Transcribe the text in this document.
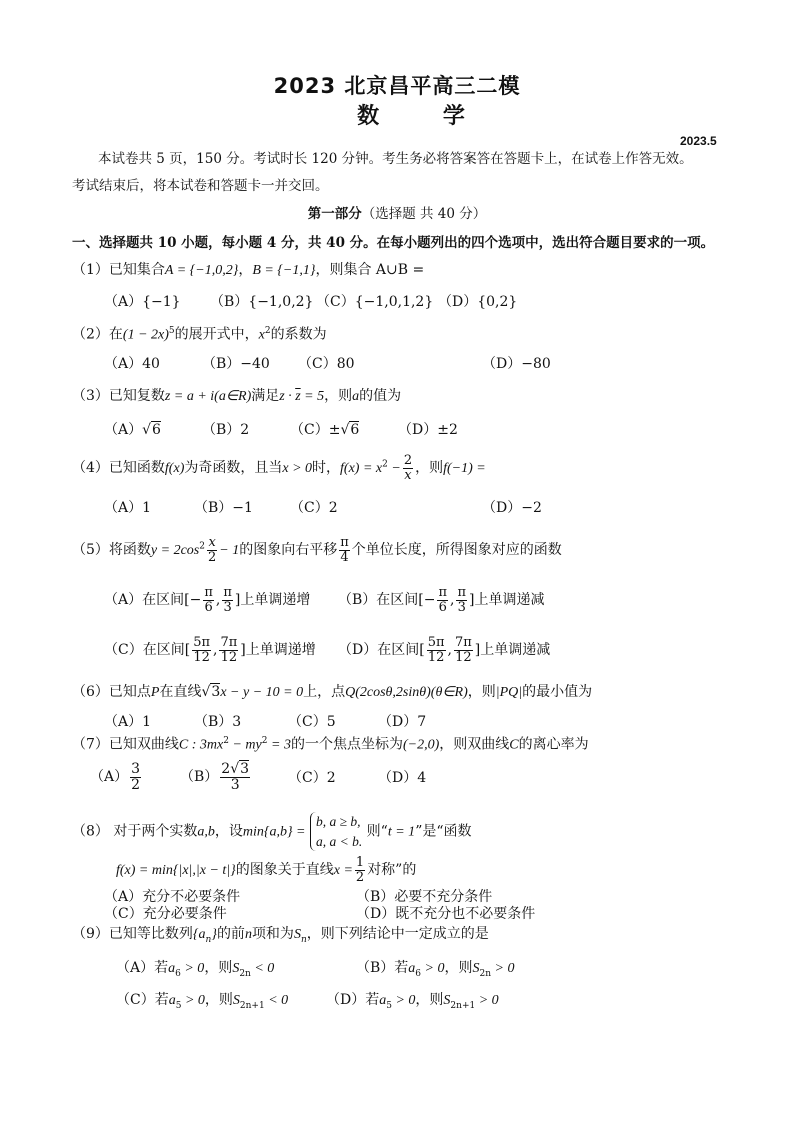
2023 北京昌平高三二模
数 学
2023.5
本试卷共 5 页，150 分。考试时长 120 分钟。考生务必将答案答在答题卡上，在试卷上作答无效。
考试结束后，将本试卷和答题卡一并交回。
第一部分（选择题 共 40 分）
一、选择题共 10 小题，每小题 4 分，共 40 分。在每小题列出的四个选项中，选出符合题目要求的一项。
（1）已知集合A = {−1,0,2}，B = {−1,1}，则集合 A∪B =
（A）{−1} （B）{−1,0,2} （C）{−1,0,1,2} （D）{0,2}
（2）在$(1 - 2x)^5$的展开式中，$x^2$的系数为
（A）40	（B）−40 （C）80	（D）−80
（3）已知复数z = a + i(a∈R)满足$z \cdot \overline{z} = 5$，则a的值为
（A）√6	（B）2	（C）±√6	（D）±2
（4）已知函数f(x)为奇函数，且当x > 0时，$f(x) = x^2 - \frac{2}{x}$ ，则f(−1) =
（A）1	（B）−1	（C）2	（D）−2
（5）将函数$y = 2\cos^2 \frac{x}{2} - 1$的图象向右平移 $\frac{\pi}{4}$ 个单位长度，所得图象对应的函数
（A）在区间[− $\frac{\pi}{6}$ , $\frac{\pi}{3}$ ]上单调递增 （B）在区间[− $\frac{\pi}{6}$ , $\frac{\pi}{3}$ ]上单调递减
（C）在区间[ $\frac{5\pi}{12}$ , $\frac{7\pi}{12}$ ]上单调递增 （D）在区间[ $\frac{5\pi}{12}$ , $\frac{7\pi}{12}$ ]上单调递减
（6）已知点P在直线√3x − y − 10 = 0上，点Q(2cosθ,2sinθ)(θ∈R)，则|PQ|的最小值为
（A）1	（B）3	（C）5	（D）7
（7）已知双曲线C : $3mx^2 - my^2 = 3$的一个焦点坐标为(−2,0)，则双曲线C的离心率为
$(A) \frac{3}{2}$	$(B) \frac{2√3}{3}$	（C）2	（D）4
（8） 对于两个实数a,b，设min{a,b} =
b, a ≥ b,
a, a < b.
则“t = 1”是“函数
f(x) = min{|x|,|x − t|}的图象关于直线$x = \frac{1}{2}$ 对称”的
（A）充分不必要条件	（B）必要不充分条件
（C）充分必要条件	（D）既不充分也不必要条件
（9）已知等比数列$\{a_n\}$的前n项和为$S_n$，则下列结论中一定成立的是
（A）若$a_6 > 0$，则$S_{2n} < 0$	（B）若$a_6 > 0$，则$S_{2n} > 0$
（C）若$a_5 > 0$，则$S_{2n+1} < 0$	（D）若$a_5 > 0$，则$S_{2n+1} > 0$
